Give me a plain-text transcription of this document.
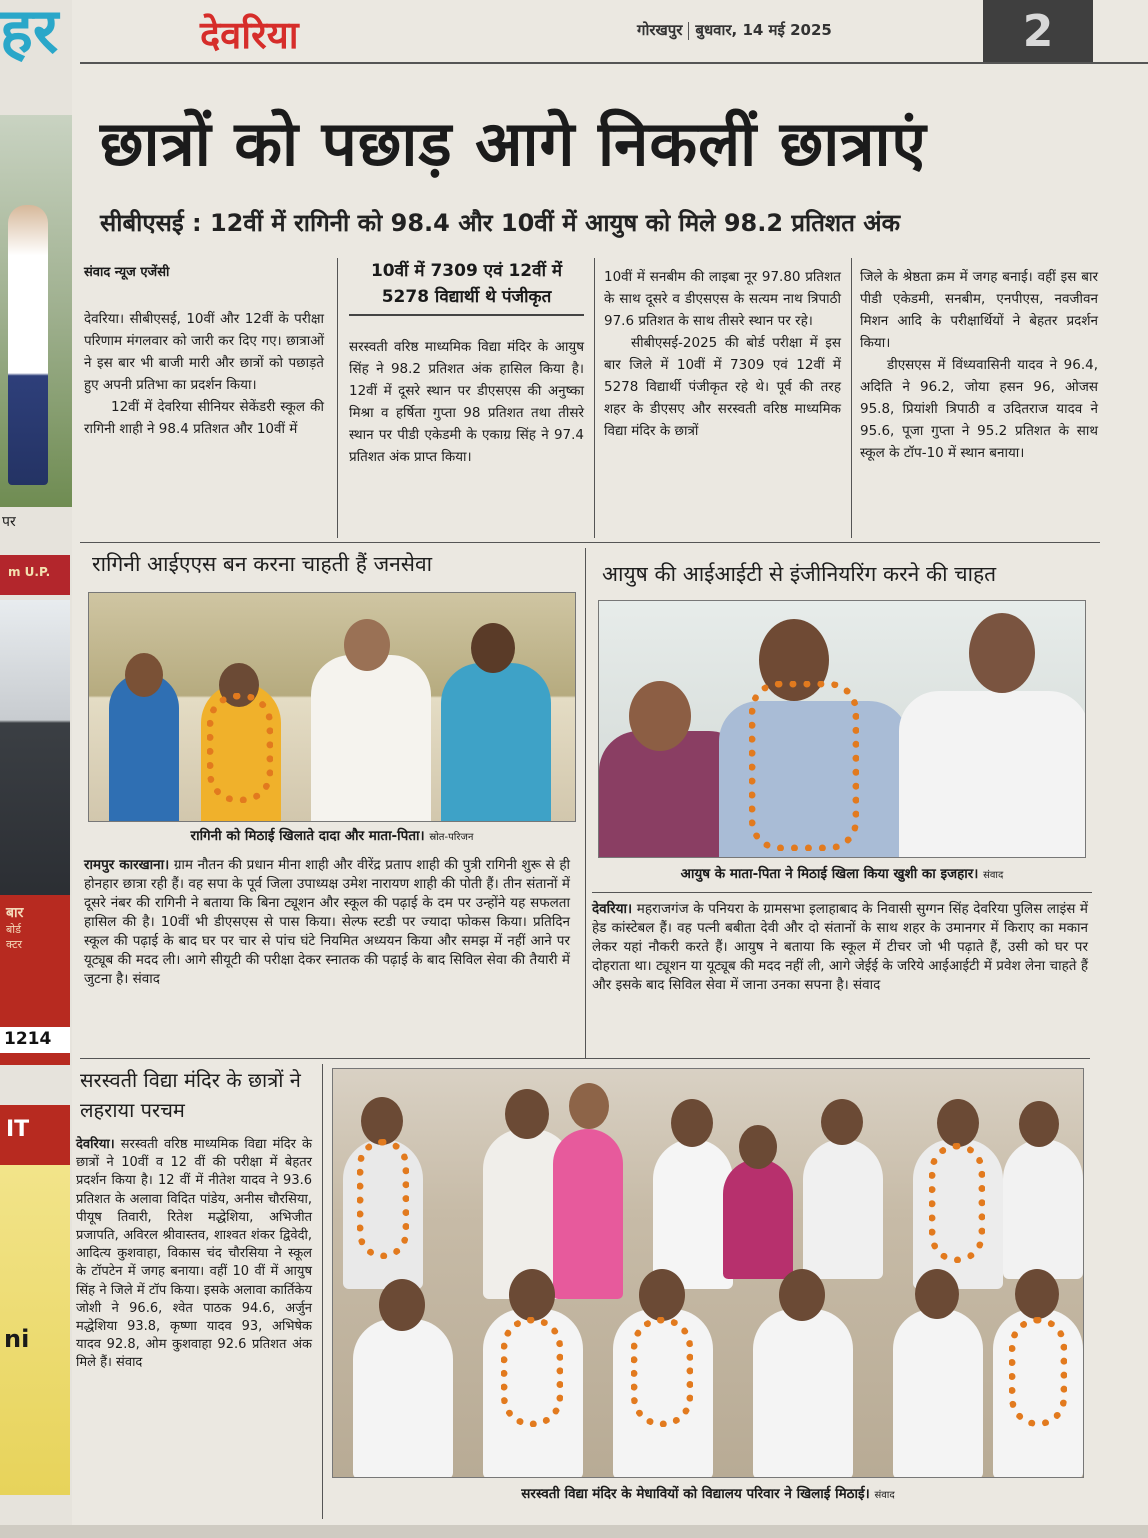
पर
m U.P.
बार
बोर्ड
क्टर
1214
IT
ni
हर	देवरिया	गोरखपुर बुधवार, 14 मई 2025	2
छात्रों को पछाड़ आगे निकलीं छात्राएं
सीबीएसई : 12वीं में रागिनी को 98.4 और 10वीं में आयुष को मिले 98.2 प्रतिशत अंक
संवाद न्यूज एजेंसी

देवरिया। सीबीएसई, 10वीं और 12वीं के परीक्षा परिणाम मंगलवार को जारी कर दिए गए। छात्राओं ने इस बार भी बाजी मारी और छात्रों को पछाड़ते हुए अपनी प्रतिभा का प्रदर्शन किया।

12वीं में देवरिया सीनियर सेकेंडरी स्कूल की रागिनी शाही ने 98.4 प्रतिशत और 10वीं में

10वीं में 7309 एवं 12वीं में 5278 विद्यार्थी थे पंजीकृत

सरस्वती वरिष्ठ माध्यमिक विद्या मंदिर के आयुष सिंह ने 98.2 प्रतिशत अंक हासिल किया है। 12वीं में दूसरे स्थान पर डीएसएस की अनुष्का मिश्रा व हर्षिता गुप्ता 98 प्रतिशत तथा तीसरे स्थान पर पीडी एकेडमी के एकाग्र सिंह ने 97.4 प्रतिशत अंक प्राप्त किया।

10वीं में सनबीम की लाइबा नूर 97.80 प्रतिशत के साथ दूसरे व डीएसएस के सत्यम नाथ त्रिपाठी 97.6 प्रतिशत के साथ तीसरे स्थान पर रहे।

सीबीएसई-2025 की बोर्ड परीक्षा में इस बार जिले में 10वीं में 7309 एवं 12वीं में 5278 विद्यार्थी पंजीकृत रहे थे। पूर्व की तरह शहर के डीएसए और सरस्वती वरिष्ठ माध्यमिक विद्या मंदिर के छात्रों

जिले के श्रेष्ठता क्रम में जगह बनाई। वहीं इस बार पीडी एकेडमी, सनबीम, एनपीएस, नवजीवन मिशन आदि के परीक्षार्थियों ने बेहतर प्रदर्शन किया।

डीएसएस में विंध्यवासिनी यादव ने 96.4, अदिति ने 96.2, जोया हसन 96, ओजस 95.8, प्रियांशी त्रिपाठी व उदितराज यादव ने 95.6, पूजा गुप्ता ने 95.2 प्रतिशत के साथ स्कूल के टॉप-10 में स्थान बनाया।

रागिनी आईएएस बन करना चाहती हैं जनसेवा
रागिनी को मिठाई खिलाते दादा और माता-पिता। स्रोत-परिजन
रामपुर कारखाना। ग्राम नौतन की प्रधान मीना शाही और वीरेंद्र प्रताप शाही की पुत्री रागिनी शुरू से ही होनहार छात्रा रही हैं। वह सपा के पूर्व जिला उपाध्यक्ष उमेश नारायण शाही की पोती हैं। तीन संतानों में दूसरे नंबर की रागिनी ने बताया कि बिना ट्यूशन और स्कूल की पढ़ाई के दम पर उन्होंने यह सफलता हासिल की है। 10वीं भी डीएसएस से पास किया। सेल्फ स्टडी पर ज्यादा फोकस किया। प्रतिदिन स्कूल की पढ़ाई के बाद घर पर चार से पांच घंटे नियमित अध्ययन किया और समझ में नहीं आने पर यूट्यूब की मदद ली। आगे सीयूटी की परीक्षा देकर स्नातक की पढ़ाई के बाद सिविल सेवा की तैयारी में जुटना है। संवाद
आयुष की आईआईटी से इंजीनियरिंग करने की चाहत
आयुष के माता-पिता ने मिठाई खिला किया खुशी का इजहार। संवाद
देवरिया। महराजगंज के पनियरा के ग्रामसभा इलाहाबाद के निवासी सुग्गन सिंह देवरिया पुलिस लाइंस में हेड कांस्टेबल हैं। वह पत्नी बबीता देवी और दो संतानों के साथ शहर के उमानगर में किराए का मकान लेकर यहां नौकरी करते हैं। आयुष ने बताया कि स्कूल में टीचर जो भी पढ़ाते हैं, उसी को घर पर दोहराता था। ट्यूशन या यूट्यूब की मदद नहीं ली, आगे जेईई के जरिये आईआईटी में प्रवेश लेना चाहते हैं और इसके बाद सिविल सेवा में जाना उनका सपना है। संवाद
सरस्वती विद्या मंदिर के छात्रों ने लहराया परचम
देवरिया। सरस्वती वरिष्ठ माध्यमिक विद्या मंदिर के छात्रों ने 10वीं व 12 वीं की परीक्षा में बेहतर प्रदर्शन किया है। 12 वीं में नीतेश यादव ने 93.6 प्रतिशत के अलावा विदित पांडेय, अनीस चौरसिया, पीयूष तिवारी, रितेश मद्धेशिया, अभिजीत प्रजापति, अविरल श्रीवास्तव, शाश्वत शंकर द्विवेदी, आदित्य कुशवाहा, विकास चंद चौरसिया ने स्कूल के टॉपटेन में जगह बनाया। वहीं 10 वीं में आयुष सिंह ने जिले में टॉप किया। इसके अलावा कार्तिकेय जोशी ने 96.6, श्वेत पाठक 94.6, अर्जुन मद्धेशिया 93.8, कृष्णा यादव 93, अभिषेक यादव 92.8, ओम कुशवाहा 92.6 प्रतिशत अंक मिले हैं। संवाद
सरस्वती विद्या मंदिर के मेधावियों को विद्यालय परिवार ने खिलाई मिठाई। संवाद
